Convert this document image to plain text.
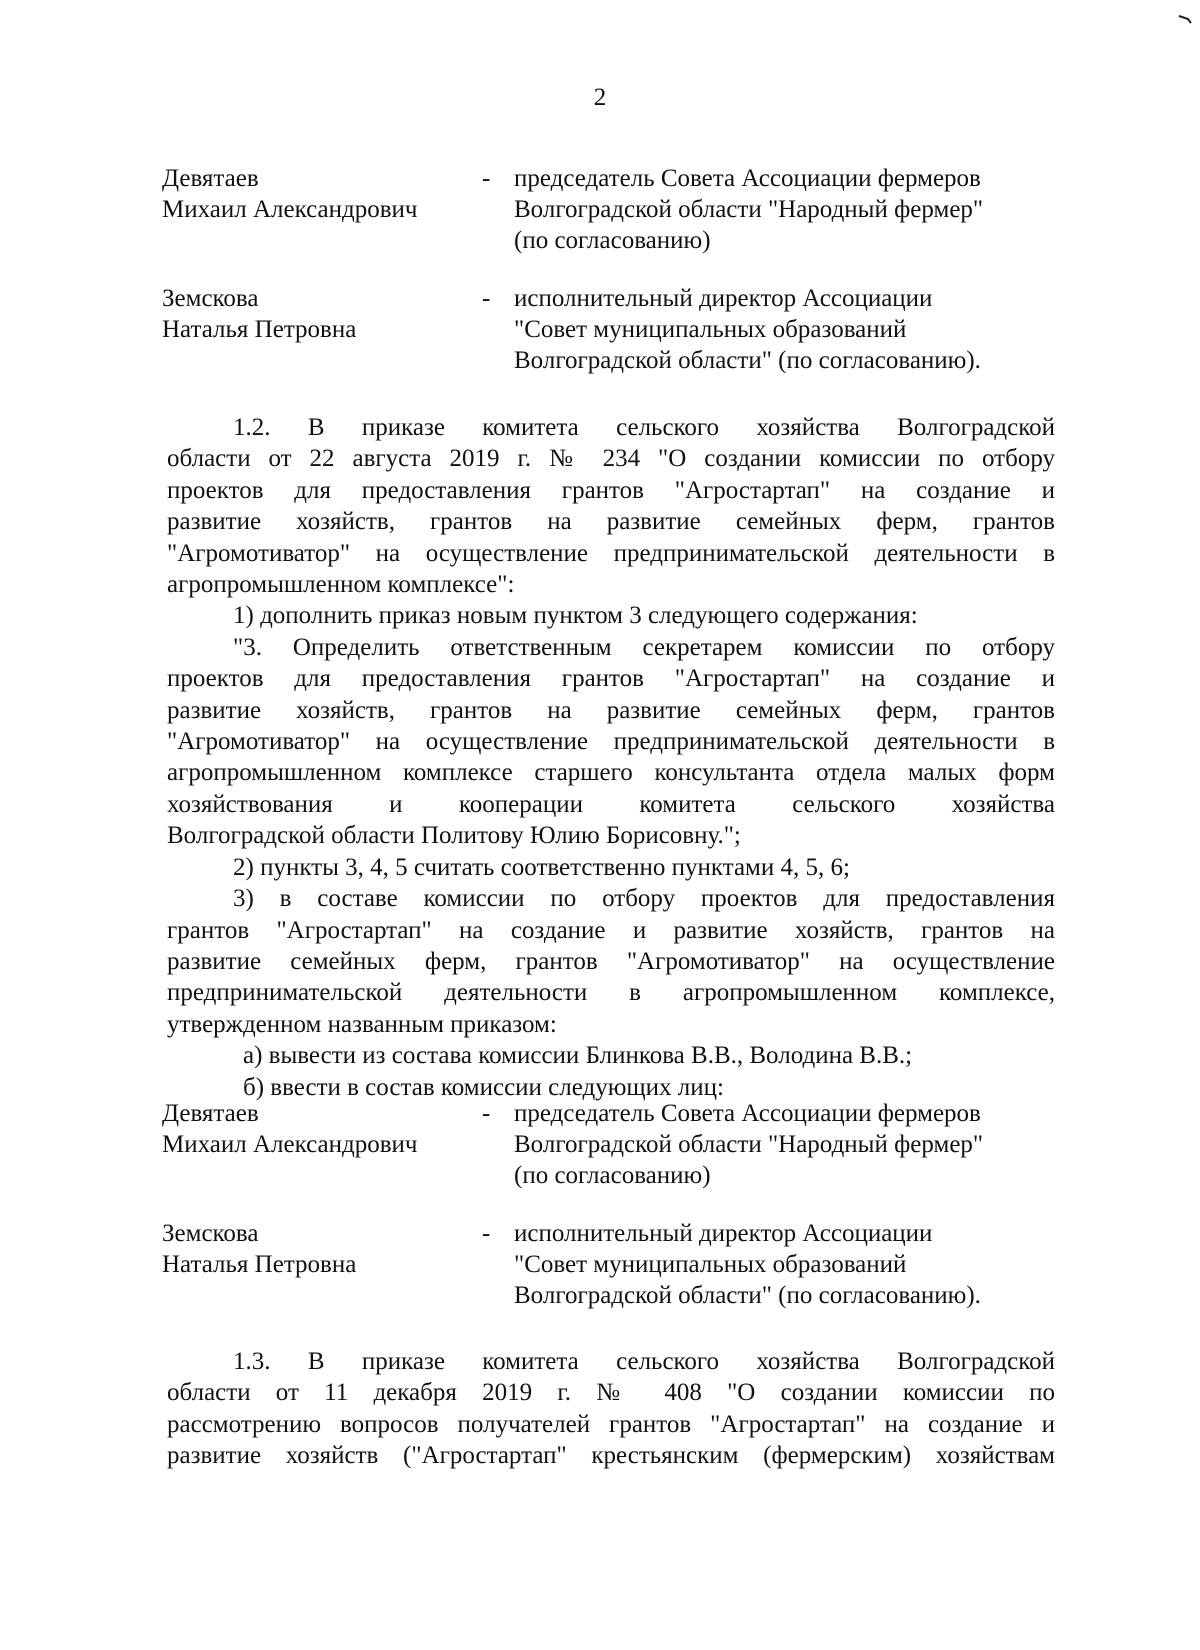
2
Девятаев
Михаил Александрович
- председатель Совета Ассоциации фермеров
Волгоградской области "Народный фермер"
(по согласованию)
Земскова
Наталья Петровна
- исполнительный директор Ассоциации
"Совет муниципальных образований
Волгоградской области" (по согласованию).
1.2. В приказе комитета сельского хозяйства Волгоградской
области от 22 августа 2019 г. № 234 "О создании комиссии по отбору
проектов для предоставления грантов "Агростартап" на создание и
развитие хозяйств, грантов на развитие семейных ферм, грантов
"Агромотиватор" на осуществление предпринимательской деятельности в
агропромышленном комплексе":
1) дополнить приказ новым пунктом 3 следующего содержания:
"3. Определить ответственным секретарем комиссии по отбору
проектов для предоставления грантов "Агростартап" на создание и
развитие хозяйств, грантов на развитие семейных ферм, грантов
"Агромотиватор" на осуществление предпринимательской деятельности в
агропромышленном комплексе старшего консультанта отдела малых форм
хозяйствования и кооперации комитета сельского хозяйства
Волгоградской области Политову Юлию Борисовну.";
2) пункты 3, 4, 5 считать соответственно пунктами 4, 5, 6;
3) в составе комиссии по отбору проектов для предоставления
грантов "Агростартап" на создание и развитие хозяйств, грантов на
развитие семейных ферм, грантов "Агромотиватор" на осуществление
предпринимательской деятельности в агропромышленном комплексе,
утвержденном названным приказом:
а) вывести из состава комиссии Блинкова В.В., Володина В.В.;
б) ввести в состав комиссии следующих лиц:
Девятаев
Михаил Александрович
- председатель Совета Ассоциации фермеров
Волгоградской области "Народный фермер"
(по согласованию)
Земскова
Наталья Петровна
- исполнительный директор Ассоциации
"Совет муниципальных образований
Волгоградской области" (по согласованию).
1.3. В приказе комитета сельского хозяйства Волгоградской
области от 11 декабря 2019 г. № 408 "О создании комиссии по
рассмотрению вопросов получателей грантов "Агростартап" на создание и
развитие хозяйств ("Агростартап" крестьянским (фермерским) хозяйствам
